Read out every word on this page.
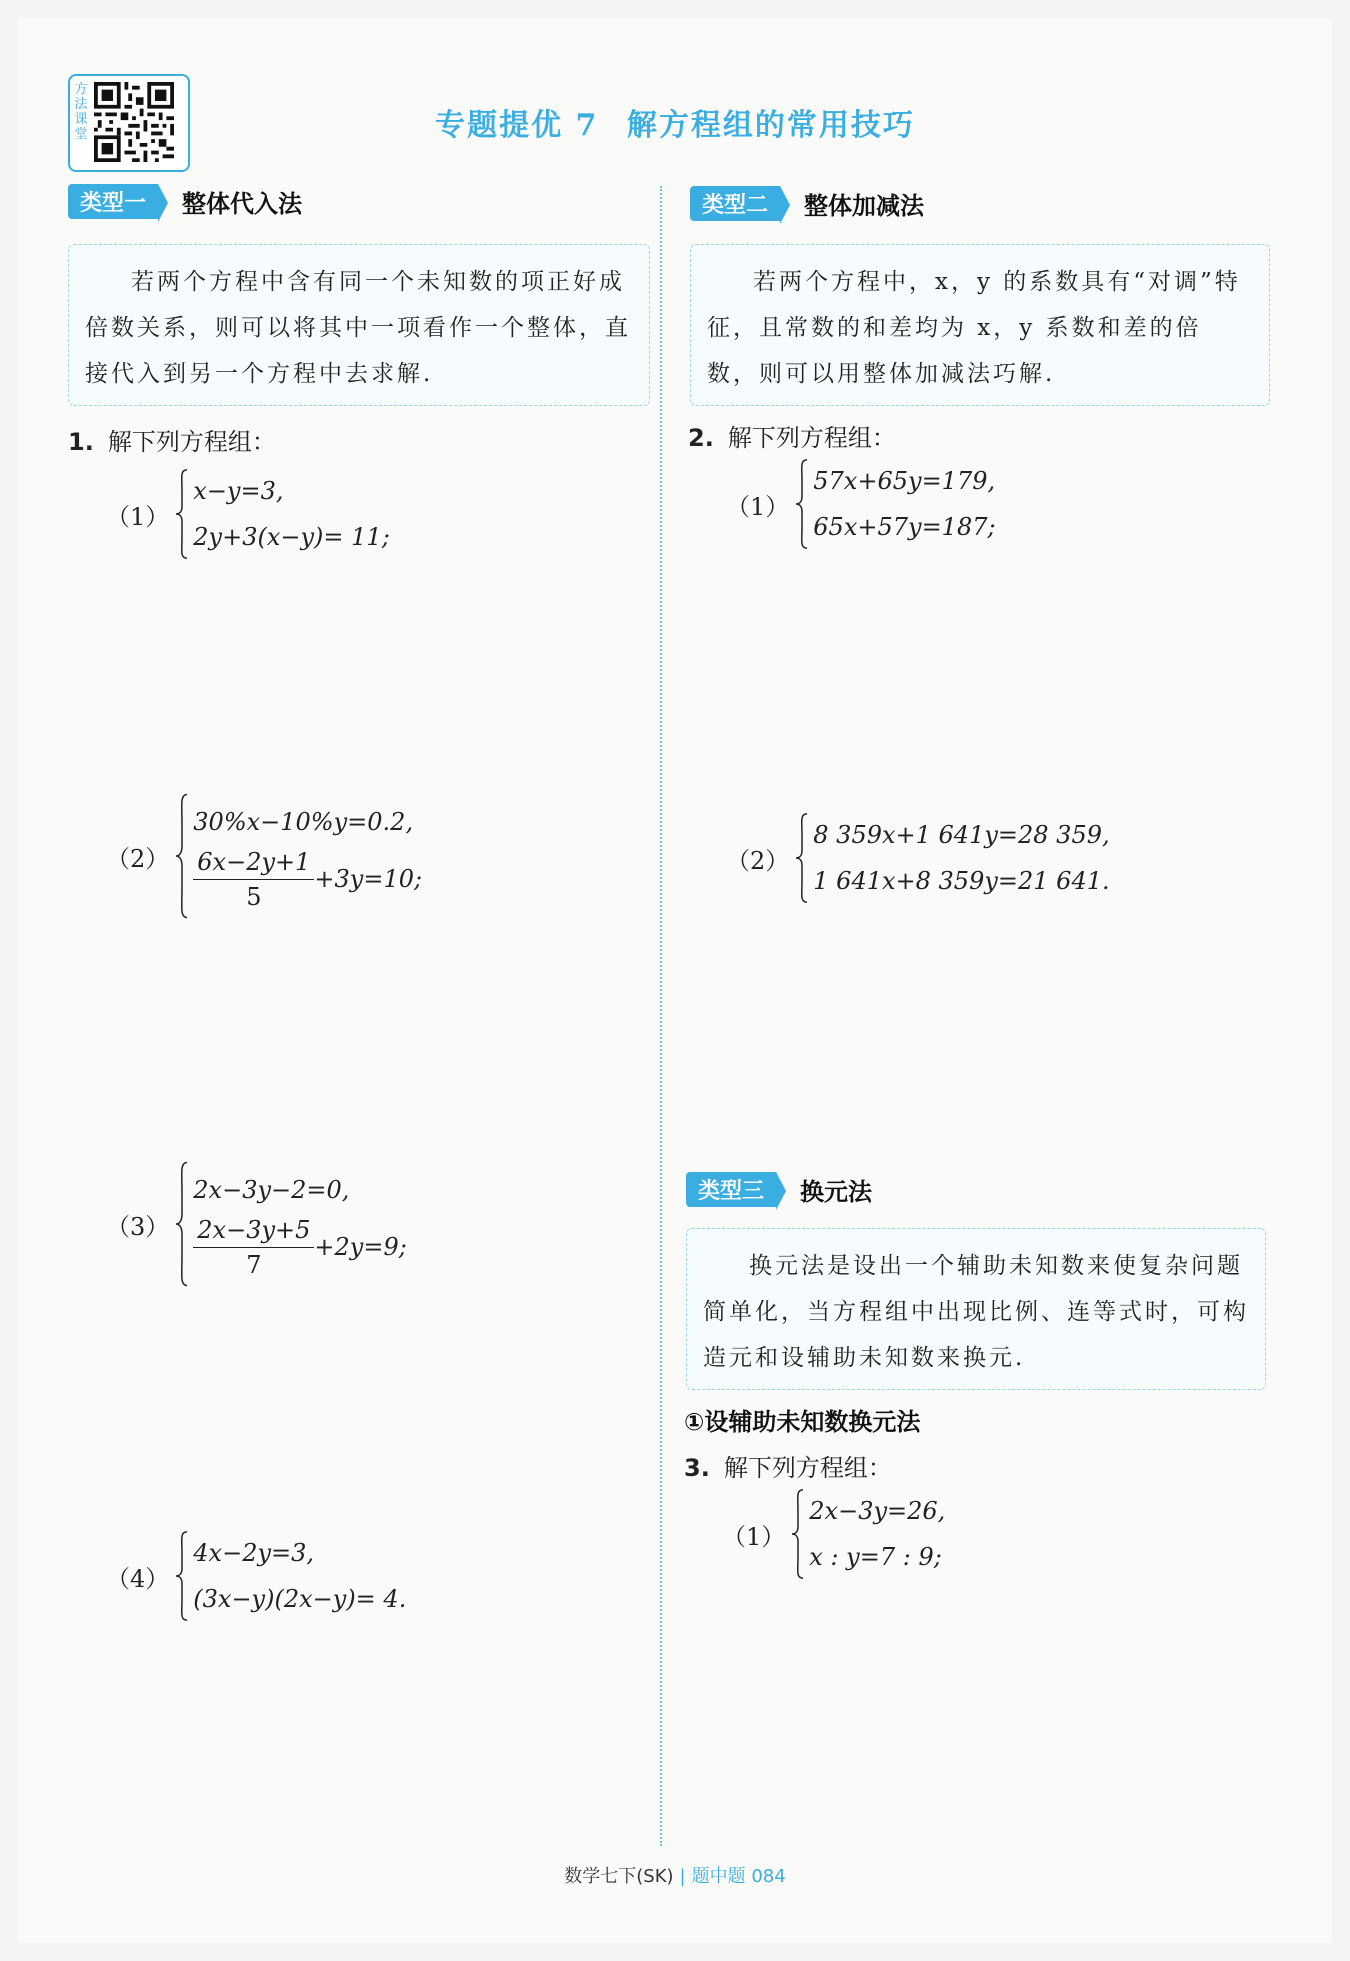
方法课堂	专题提优 7 解方程组的常用技巧
类型一	整体代入法
若两个方程中含有同一个未知数的项正好成倍数关系，则可以将其中一项看作一个整体，直接代入到另一个方程中去求解.
1. 解下列方程组：
（1）
x−y=3,
2y+3(x−y)= 11;
（2）
30%x−10%y=0.2,
$\frac{6x-2y+1}{5} +3y=10$;
（3）
2x−3y−2=0,
$\frac{2x-3y+5}{7} +2y=9$;
（4）
4x−2y=3,
(3x−y)(2x−y)= 4.
类型二	整体加减法
若两个方程中，x，y 的系数具有“对调”特征，且常数的和差均为 x，y 系数和差的倍数，则可以用整体加减法巧解.
2. 解下列方程组：
（1）
57x+65y=179,
65x+57y=187;
（2）
8 359x+1 641y=28 359,
1 641x+8 359y=21 641.
类型三	换元法
换元法是设出一个辅助未知数来使复杂问题简单化，当方程组中出现比例、连等式时，可构造元和设辅助未知数来换元.
①设辅助未知数换元法
3. 解下列方程组：
（1）
2x−3y=26,
x : y=7 : 9;
数学七下(SK) | 题中题 084
